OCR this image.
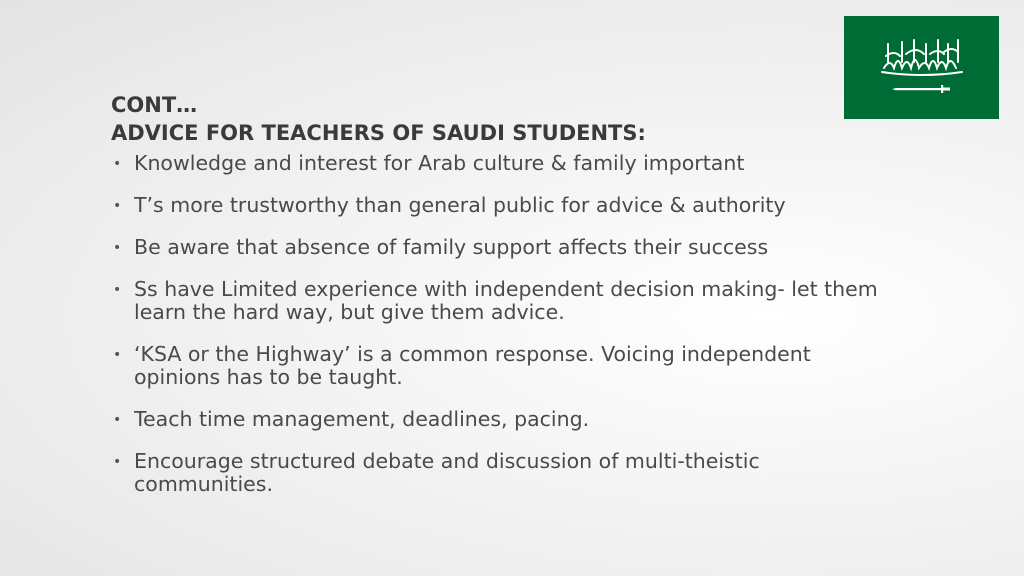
CONT…
ADVICE FOR TEACHERS OF SAUDI STUDENTS:
• Knowledge and interest for Arab culture & family important
• T’s more trustworthy than general public for advice & authority
• Be aware that absence of family support affects their success
• Ss have Limited experience with independent decision making- let them learn the hard way, but give them advice.
• ‘KSA or the Highway’ is a common response. Voicing independent opinions has to be taught.
• Teach time management, deadlines, pacing.
• Encourage structured debate and discussion of multi-theistic communities.
